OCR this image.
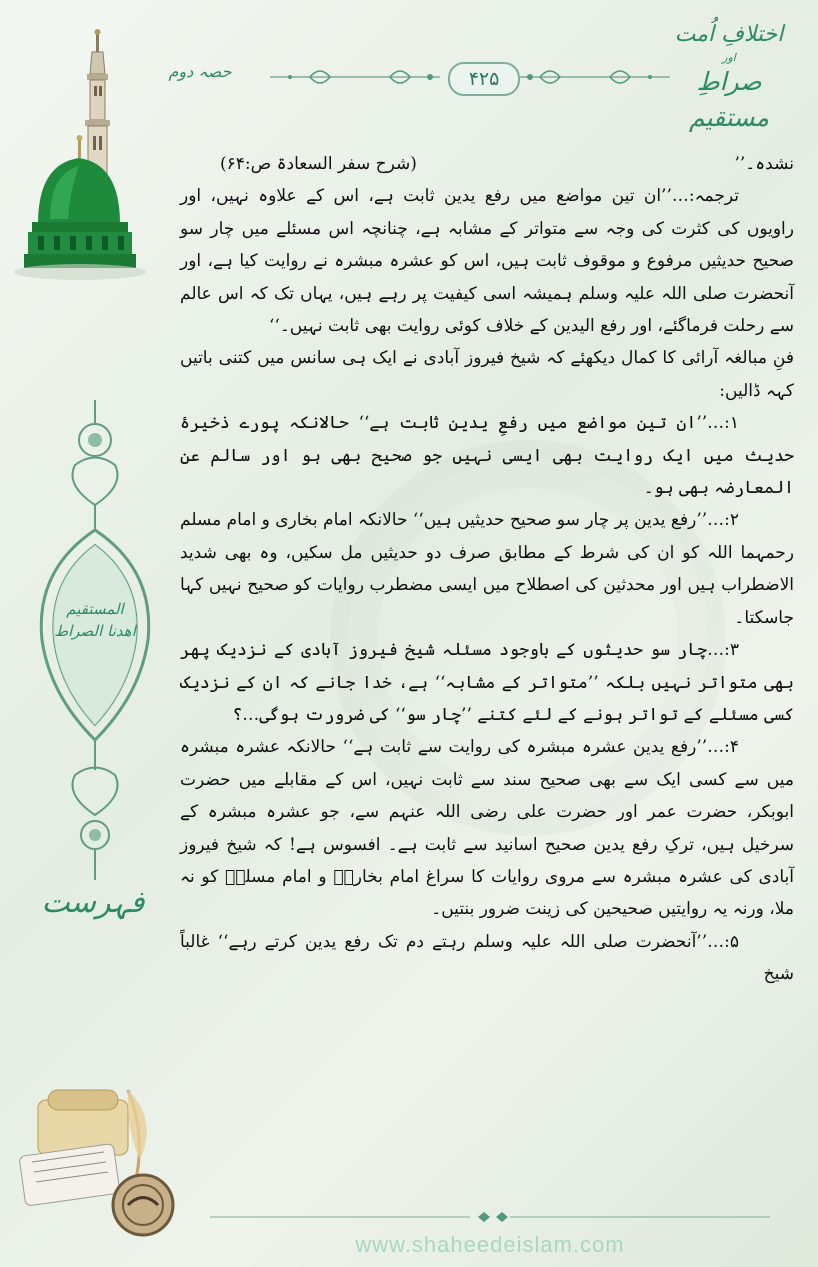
اختلافِ اُمت
اور
صراطِ مستقیم
حصہ دوم	۴۲۵
المستقیم
اھدنا الصراط
فہرست
نشدہ۔’’
(شرح سفر السعادۃ ص:۶۴)

ترجمہ:…’’ان تین مواضع میں رفع یدین ثابت ہے، اس کے علاوہ نہیں، اور راویوں کی کثرت کی وجہ سے متواتر کے مشابہ ہے، چنانچہ اس مسئلے میں چار سو صحیح حدیثیں مرفوع و موقوف ثابت ہیں، اس کو عشرہ مبشرہ نے روایت کیا ہے، اور آنحضرت صلی اللہ علیہ وسلم ہمیشہ اسی کیفیت پر رہے ہیں، یہاں تک کہ اس عالم سے رحلت فرماگئے، اور رفع الیدین کے خلاف کوئی روایت بھی ثابت نہیں۔‘‘

فنِ مبالغہ آرائی کا کمال دیکھئے کہ شیخ فیروز آبادی نے ایک ہی سانس میں کتنی باتیں کہہ ڈالیں:

۱:…’’ان تین مواضع میں رفعِ یدین ثابت ہے‘‘ حالانکہ پورے ذخیرۂ حدیث میں ایک روایت بھی ایسی نہیں جو صحیح بھی ہو اور سالم عن المعارضہ بھی ہو۔

۲:…’’رفع یدین پر چار سو صحیح حدیثیں ہیں‘‘ حالانکہ امام بخاری و امام مسلم رحمہما اللہ کو ان کی شرط کے مطابق صرف دو حدیثیں مل سکیں، وہ بھی شدید الاضطراب ہیں اور محدثین کی اصطلاح میں ایسی مضطرب روایات کو صحیح نہیں کہا جاسکتا۔

۳:…چار سو حدیثوں کے باوجود مسئلہ شیخ فیروز آبادی کے نزدیک پھر بھی متواتر نہیں بلکہ ’’متواتر کے مشابہ‘‘ ہے، خدا جانے کہ ان کے نزدیک کسی مسئلے کے تواتر ہونے کے لئے کتنے ’’چار سو‘‘ کی ضرورت ہوگی…؟

۴:…’’رفع یدین عشرہ مبشرہ کی روایت سے ثابت ہے‘‘ حالانکہ عشرہ مبشرہ میں سے کسی ایک سے بھی صحیح سند سے ثابت نہیں، اس کے مقابلے میں حضرت ابوبکر، حضرت عمر اور حضرت علی رضی اللہ عنہم سے، جو عشرہ مبشرہ کے سرخیل ہیں، ترکِ رفع یدین صحیح اسانید سے ثابت ہے۔ افسوس ہے! کہ شیخ فیروز آبادی کی عشرہ مبشرہ سے مروی روایات کا سراغ امام بخاریؒ و امام مسلمؒ کو نہ ملا، ورنہ یہ روایتیں صحیحین کی زینت ضرور بنتیں۔

۵:…’’آنحضرت صلی اللہ علیہ وسلم رہتے دم تک رفع یدین کرتے رہے‘‘ غالباً شیخ

www.shaheedeislam.com
